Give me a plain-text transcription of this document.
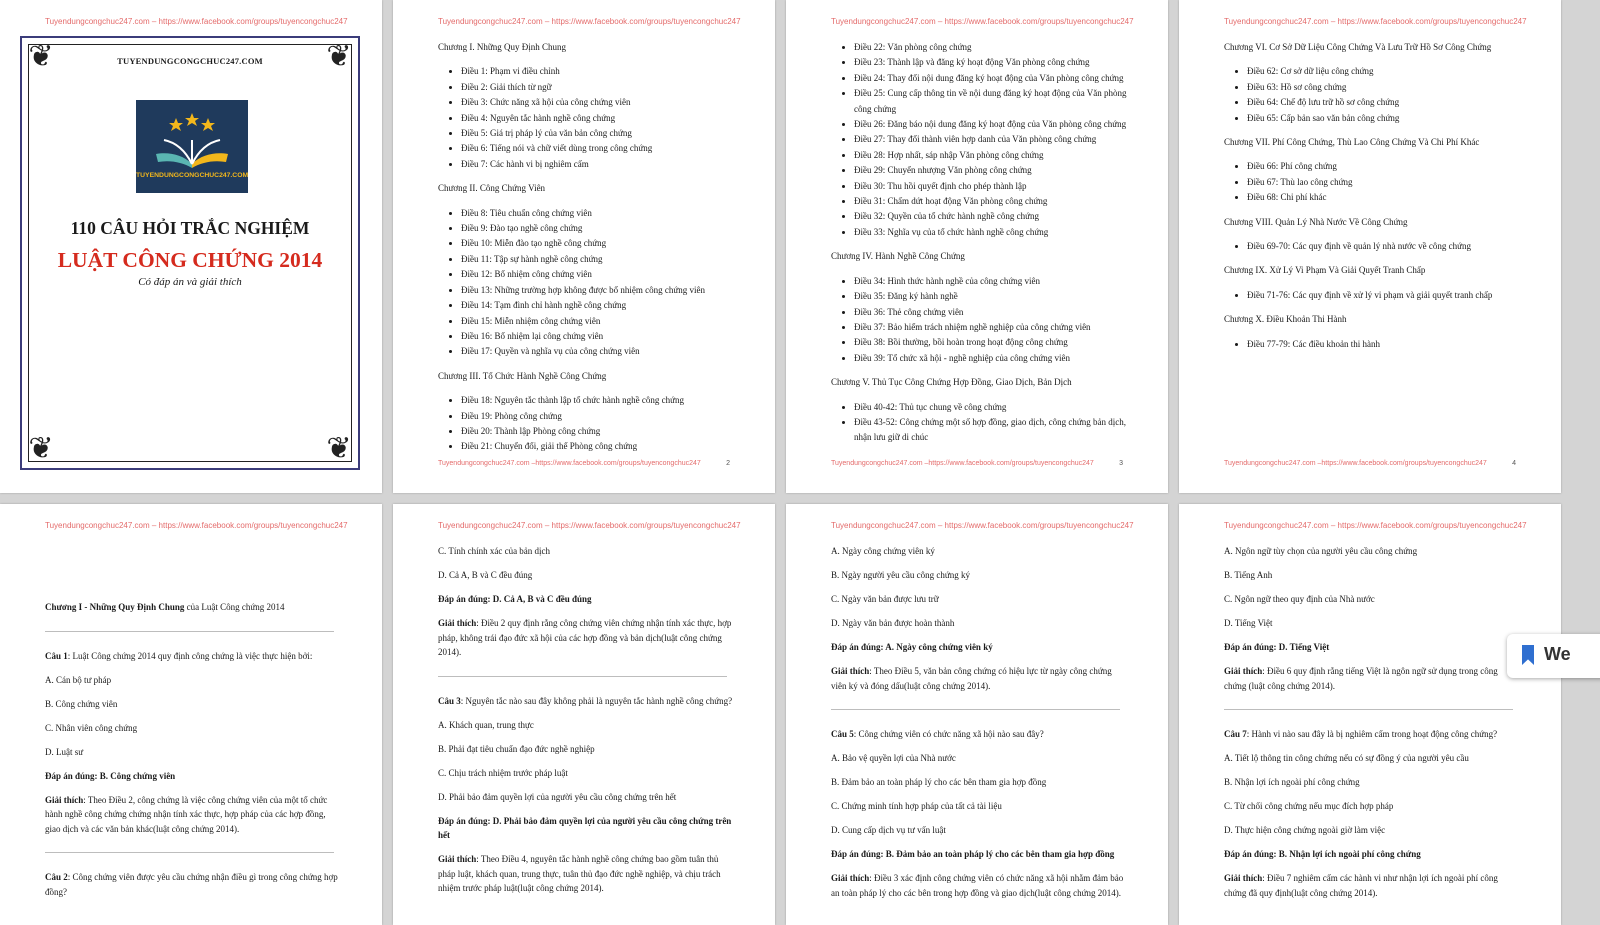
Tuyendungcongchuc247.com – https://www.facebook.com/groups/tuyencongchuc247
❦	❦
❦	❦
TUYENDUNGCONGCHUC247.COM
TUYENDUNGCONGCHUC247.COM
110 CÂU HỎI TRẮC NGHIỆM
LUẬT CÔNG CHỨNG 2014
Có đáp án và giải thích
Tuyendungcongchuc247.com – https://www.facebook.com/groups/tuyencongchuc247
Chương I. Những Quy Định Chung
• Điều 1: Phạm vi điều chỉnh
• Điều 2: Giải thích từ ngữ
• Điều 3: Chức năng xã hội của công chứng viên
• Điều 4: Nguyên tắc hành nghề công chứng
• Điều 5: Giá trị pháp lý của văn bản công chứng
• Điều 6: Tiếng nói và chữ viết dùng trong công chứng
• Điều 7: Các hành vi bị nghiêm cấm
Chương II. Công Chứng Viên
• Điều 8: Tiêu chuẩn công chứng viên
• Điều 9: Đào tạo nghề công chứng
• Điều 10: Miễn đào tạo nghề công chứng
• Điều 11: Tập sự hành nghề công chứng
• Điều 12: Bổ nhiệm công chứng viên
• Điều 13: Những trường hợp không được bổ nhiệm công chứng viên
• Điều 14: Tạm đình chỉ hành nghề công chứng
• Điều 15: Miễn nhiệm công chứng viên
• Điều 16: Bổ nhiệm lại công chứng viên
• Điều 17: Quyền và nghĩa vụ của công chứng viên
Chương III. Tổ Chức Hành Nghề Công Chứng
• Điều 18: Nguyên tắc thành lập tổ chức hành nghề công chứng
• Điều 19: Phòng công chứng
• Điều 20: Thành lập Phòng công chứng
• Điều 21: Chuyển đổi, giải thể Phòng công chứng
Tuyendungcongchuc247.com –https://www.facebook.com/groups/tuyencongchuc247	2
Tuyendungcongchuc247.com – https://www.facebook.com/groups/tuyencongchuc247
• Điều 22: Văn phòng công chứng
• Điều 23: Thành lập và đăng ký hoạt động Văn phòng công chứng
• Điều 24: Thay đổi nội dung đăng ký hoạt động của Văn phòng công chứng
• Điều 25: Cung cấp thông tin về nội dung đăng ký hoạt động của Văn phòng công chứng
• Điều 26: Đăng báo nội dung đăng ký hoạt động của Văn phòng công chứng
• Điều 27: Thay đổi thành viên hợp danh của Văn phòng công chứng
• Điều 28: Hợp nhất, sáp nhập Văn phòng công chứng
• Điều 29: Chuyển nhượng Văn phòng công chứng
• Điều 30: Thu hồi quyết định cho phép thành lập
• Điều 31: Chấm dứt hoạt động Văn phòng công chứng
• Điều 32: Quyền của tổ chức hành nghề công chứng
• Điều 33: Nghĩa vụ của tổ chức hành nghề công chứng
Chương IV. Hành Nghề Công Chứng
• Điều 34: Hình thức hành nghề của công chứng viên
• Điều 35: Đăng ký hành nghề
• Điều 36: Thẻ công chứng viên
• Điều 37: Bảo hiểm trách nhiệm nghề nghiệp của công chứng viên
• Điều 38: Bồi thường, bồi hoàn trong hoạt động công chứng
• Điều 39: Tổ chức xã hội - nghề nghiệp của công chứng viên
Chương V. Thủ Tục Công Chứng Hợp Đồng, Giao Dịch, Bản Dịch
• Điều 40-42: Thủ tục chung về công chứng
• Điều 43-52: Công chứng một số hợp đồng, giao dịch, công chứng bản dịch, nhận lưu giữ di chúc
Tuyendungcongchuc247.com –https://www.facebook.com/groups/tuyencongchuc247	3
Tuyendungcongchuc247.com – https://www.facebook.com/groups/tuyencongchuc247
Chương VI. Cơ Sở Dữ Liệu Công Chứng Và Lưu Trữ Hồ Sơ Công Chứng
• Điều 62: Cơ sở dữ liệu công chứng
• Điều 63: Hồ sơ công chứng
• Điều 64: Chế độ lưu trữ hồ sơ công chứng
• Điều 65: Cấp bản sao văn bản công chứng
Chương VII. Phí Công Chứng, Thù Lao Công Chứng Và Chi Phí Khác
• Điều 66: Phí công chứng
• Điều 67: Thù lao công chứng
• Điều 68: Chi phí khác
Chương VIII. Quản Lý Nhà Nước Về Công Chứng
• Điều 69-70: Các quy định về quản lý nhà nước về công chứng
Chương IX. Xử Lý Vi Phạm Và Giải Quyết Tranh Chấp
• Điều 71-76: Các quy định về xử lý vi phạm và giải quyết tranh chấp
Chương X. Điều Khoản Thi Hành
• Điều 77-79: Các điều khoản thi hành
Tuyendungcongchuc247.com –https://www.facebook.com/groups/tuyencongchuc247	4
Tuyendungcongchuc247.com – https://www.facebook.com/groups/tuyencongchuc247

Chương I - Những Quy Định Chung của Luật Công chứng 2014

Câu 1: Luật Công chứng 2014 quy định công chứng là việc thực hiện bởi:

A. Cán bộ tư pháp

B. Công chứng viên

C. Nhân viên công chứng

D. Luật sư

Đáp án đúng: B. Công chứng viên

Giải thích: Theo Điều 2, công chứng là việc công chứng viên của một tổ chức hành nghề công chứng chứng nhận tính xác thực, hợp pháp của các hợp đồng, giao dịch và các văn bản khác(luật công chứng 2014).

Câu 2: Công chứng viên được yêu cầu chứng nhận điều gì trong công chứng hợp đồng?

Tuyendungcongchuc247.com – https://www.facebook.com/groups/tuyencongchuc247

C. Tính chính xác của bản dịch

D. Cả A, B và C đều đúng

Đáp án đúng: D. Cả A, B và C đều đúng

Giải thích: Điều 2 quy định rằng công chứng viên chứng nhận tính xác thực, hợp pháp, không trái đạo đức xã hội của các hợp đồng và bản dịch(luật công chứng 2014).

Câu 3: Nguyên tắc nào sau đây không phải là nguyên tắc hành nghề công chứng?

A. Khách quan, trung thực

B. Phải đạt tiêu chuẩn đạo đức nghề nghiệp

C. Chịu trách nhiệm trước pháp luật

D. Phải bảo đảm quyền lợi của người yêu cầu công chứng trên hết

Đáp án đúng: D. Phải bảo đảm quyền lợi của người yêu cầu công chứng trên hết

Giải thích: Theo Điều 4, nguyên tắc hành nghề công chứng bao gồm tuân thủ pháp luật, khách quan, trung thực, tuân thủ đạo đức nghề nghiệp, và chịu trách nhiệm trước pháp luật(luật công chứng 2014).

Tuyendungcongchuc247.com – https://www.facebook.com/groups/tuyencongchuc247

A. Ngày công chứng viên ký

B. Ngày người yêu cầu công chứng ký

C. Ngày văn bản được lưu trữ

D. Ngày văn bản được hoàn thành

Đáp án đúng: A. Ngày công chứng viên ký

Giải thích: Theo Điều 5, văn bản công chứng có hiệu lực từ ngày công chứng viên ký và đóng dấu(luật công chứng 2014).

Câu 5: Công chứng viên có chức năng xã hội nào sau đây?

A. Bảo vệ quyền lợi của Nhà nước

B. Đảm bảo an toàn pháp lý cho các bên tham gia hợp đồng

C. Chứng minh tính hợp pháp của tất cả tài liệu

D. Cung cấp dịch vụ tư vấn luật

Đáp án đúng: B. Đảm bảo an toàn pháp lý cho các bên tham gia hợp đồng

Giải thích: Điều 3 xác định công chứng viên có chức năng xã hội nhằm đảm bảo an toàn pháp lý cho các bên trong hợp đồng và giao dịch(luật công chứng 2014).

Tuyendungcongchuc247.com – https://www.facebook.com/groups/tuyencongchuc247

A. Ngôn ngữ tùy chọn của người yêu cầu công chứng

B. Tiếng Anh

C. Ngôn ngữ theo quy định của Nhà nước

D. Tiếng Việt

Đáp án đúng: D. Tiếng Việt

Giải thích: Điều 6 quy định rằng tiếng Việt là ngôn ngữ sử dụng trong công chứng (luật công chứng 2014).

Câu 7: Hành vi nào sau đây là bị nghiêm cấm trong hoạt động công chứng?

A. Tiết lộ thông tin công chứng nếu có sự đồng ý của người yêu cầu

B. Nhận lợi ích ngoài phí công chứng

C. Từ chối công chứng nếu mục đích hợp pháp

D. Thực hiện công chứng ngoài giờ làm việc

Đáp án đúng: B. Nhận lợi ích ngoài phí công chứng

Giải thích: Điều 7 nghiêm cấm các hành vi như nhận lợi ích ngoài phí công chứng đã quy định(luật công chứng 2014).

We
